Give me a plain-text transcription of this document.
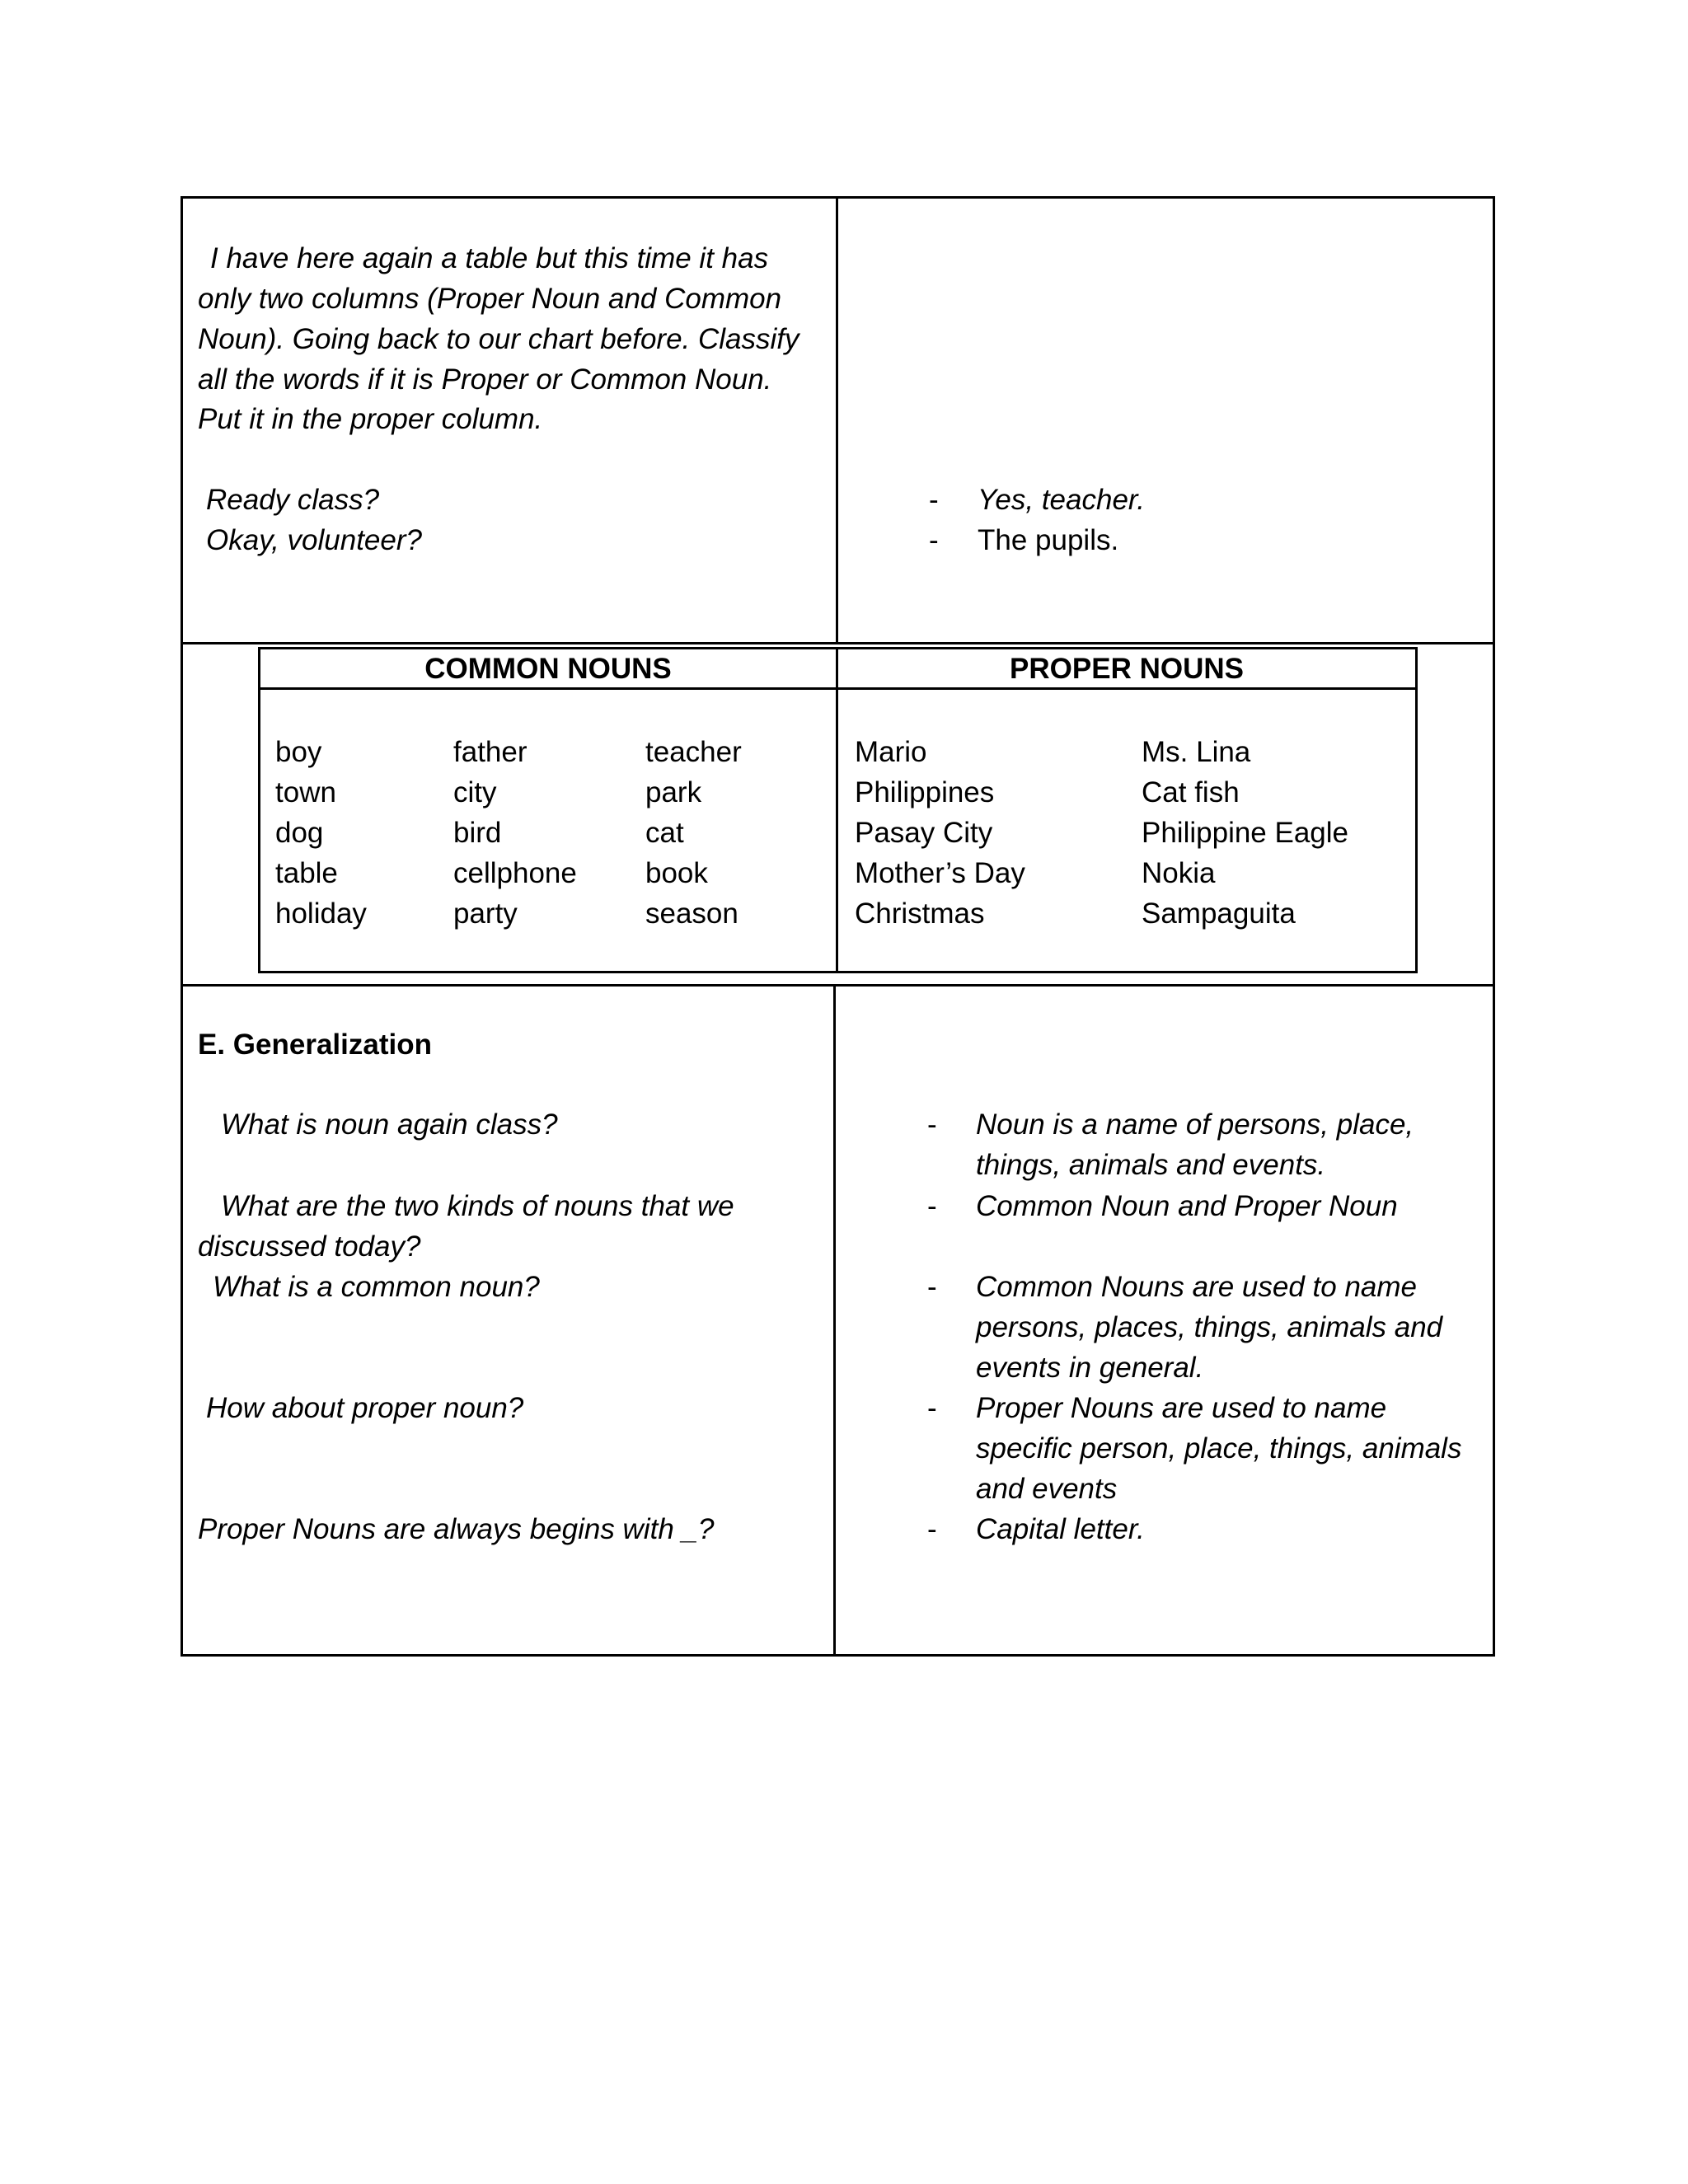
I have here again a table but this time it has
only two columns (Proper Noun and Common
Noun). Going back to our chart before. Classify
all the words if it is Proper or Common Noun.
Put it in the proper column.
Ready class?
Okay, volunteer?
- Yes, teacher.
- The pupils.
COMMON NOUNS	PROPER NOUNS
boy
town
dog
table
holiday
father
city
bird
cellphone
party
teacher
park
cat
book
season
Mario
Philippines
Pasay City
Mother’s Day
Christmas
Ms. Lina
Cat fish
Philippine Eagle
Nokia
Sampaguita
E. Generalization
What is noun again class?
What are the two kinds of nouns that we
discussed today?
What is a common noun?
How about proper noun?
Proper Nouns are always begins with _?
- Noun is a name of persons, place,
things, animals and events.
- Common Noun and Proper Noun
- Common Nouns are used to name
persons, places, things, animals and
events in general.
- Proper Nouns are used to name
specific person, place, things, animals
and events
- Capital letter.
